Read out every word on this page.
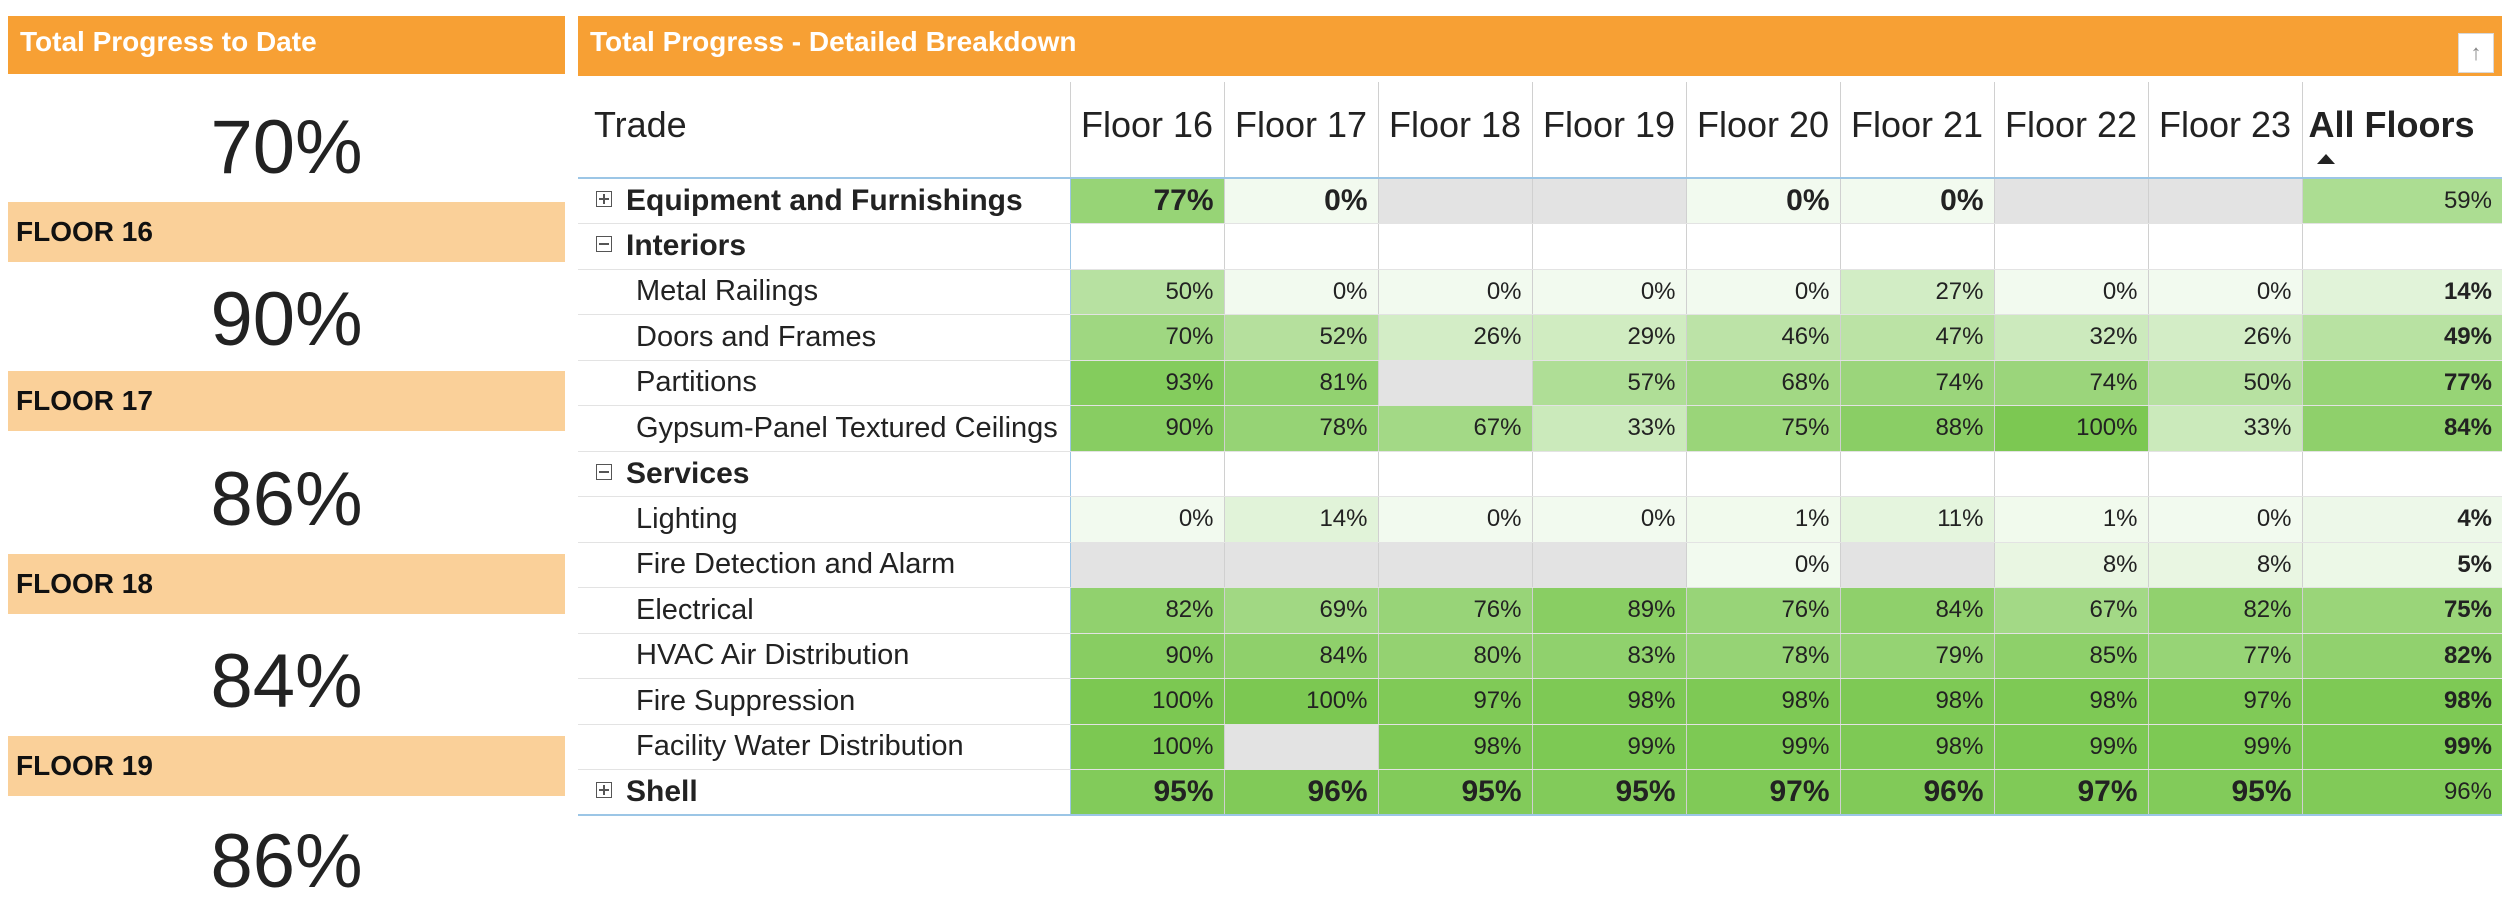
Total Progress to Date
70%
FLOOR 16
90%
FLOOR 17
86%
FLOOR 18
84%
FLOOR 19
86%
Total Progress - Detailed Breakdown	↑
Trade	Floor 16	Floor 17	Floor 18	Floor 19	Floor 20	Floor 21	Floor 22	Floor 23	All Floors

Equipment and Furnishings	77%	0%			0%	0%			59%
Interiors									
Metal Railings	50%	0%	0%	0%	0%	27%	0%	0%	14%
Doors and Frames	70%	52%	26%	29%	46%	47%	32%	26%	49%
Partitions	93%	81%		57%	68%	74%	74%	50%	77%
Gypsum-Panel Textured Ceilings	90%	78%	67%	33%	75%	88%	100%	33%	84%
Services									
Lighting	0%	14%	0%	0%	1%	11%	1%	0%	4%
Fire Detection and Alarm					0%		8%	8%	5%
Electrical	82%	69%	76%	89%	76%	84%	67%	82%	75%
HVAC Air Distribution	90%	84%	80%	83%	78%	79%	85%	77%	82%
Fire Suppression	100%	100%	97%	98%	98%	98%	98%	97%	98%
Facility Water Distribution	100%		98%	99%	99%	98%	99%	99%	99%
Shell	95%	96%	95%	95%	97%	96%	97%	95%	96%
